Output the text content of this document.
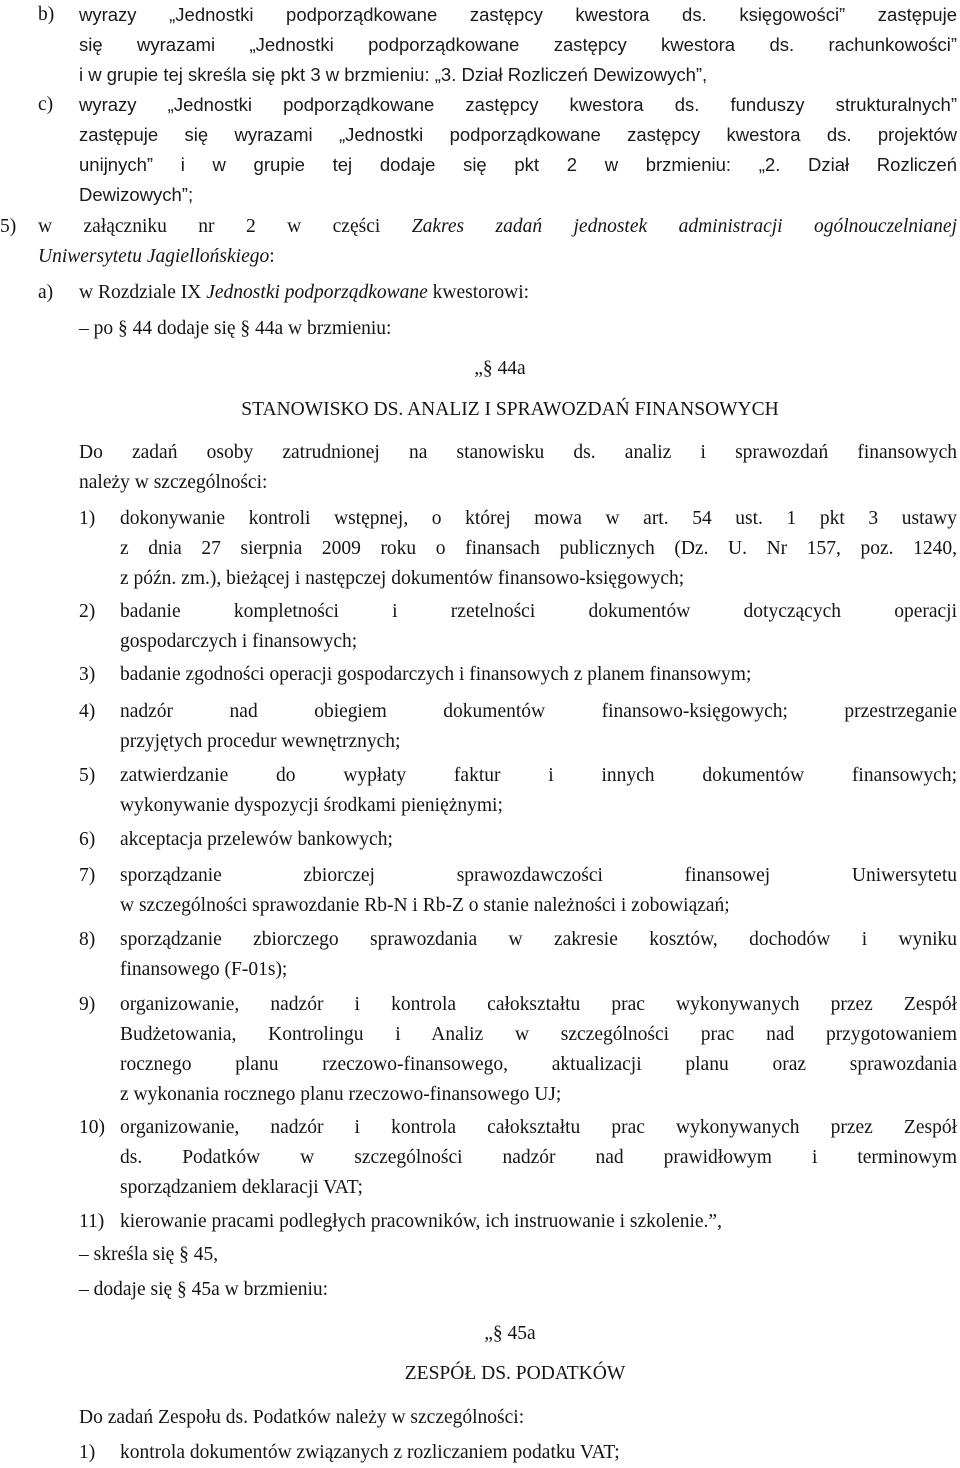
b) wyrazy „Jednostki podporządkowane zastępcy kwestora ds. księgowości” zastępuje
się wyrazami „Jednostki podporządkowane zastępcy kwestora ds. rachunkowości”
i w grupie tej skreśla się pkt 3 w brzmieniu: „3. Dział Rozliczeń Dewizowych”,
c) wyrazy „Jednostki podporządkowane zastępcy kwestora ds. funduszy strukturalnych”
zastępuje się wyrazami „Jednostki podporządkowane zastępcy kwestora ds. projektów
unijnych” i w grupie tej dodaje się pkt 2 w brzmieniu: „2. Dział Rozliczeń
Dewizowych”;
5) w załączniku nr 2 w części Zakres zadań jednostek administracji ogólnouczelnianej
Uniwersytetu Jagiellońskiego:
a) w Rozdziale IX Jednostki podporządkowane kwestorowi:
– po § 44 dodaje się § 44a w brzmieniu:
„§ 44a
STANOWISKO DS. ANALIZ I SPRAWOZDAŃ FINANSOWYCH
Do zadań osoby zatrudnionej na stanowisku ds. analiz i sprawozdań finansowych
należy w szczególności:
1) dokonywanie kontroli wstępnej, o której mowa w art. 54 ust. 1 pkt 3 ustawy
z dnia 27 sierpnia 2009 roku o finansach publicznych (Dz. U. Nr 157, poz. 1240,
z późn. zm.), bieżącej i następczej dokumentów finansowo-księgowych;
2) badanie kompletności i rzetelności dokumentów dotyczących operacji
gospodarczych i finansowych;
3) badanie zgodności operacji gospodarczych i finansowych z planem finansowym;
4) nadzór nad obiegiem dokumentów finansowo-księgowych; przestrzeganie
przyjętych procedur wewnętrznych;
5) zatwierdzanie do wypłaty faktur i innych dokumentów finansowych;
wykonywanie dyspozycji środkami pieniężnymi;
6) akceptacja przelewów bankowych;
7) sporządzanie zbiorczej sprawozdawczości finansowej Uniwersytetu
w szczególności sprawozdanie Rb-N i Rb-Z o stanie należności i zobowiązań;
8) sporządzanie zbiorczego sprawozdania w zakresie kosztów, dochodów i wyniku
finansowego (F-01s);
9) organizowanie, nadzór i kontrola całokształtu prac wykonywanych przez Zespół
Budżetowania, Kontrolingu i Analiz w szczególności prac nad przygotowaniem
rocznego planu rzeczowo-finansowego, aktualizacji planu oraz sprawozdania
z wykonania rocznego planu rzeczowo-finansowego UJ;
10) organizowanie, nadzór i kontrola całokształtu prac wykonywanych przez Zespół
ds. Podatków w szczególności nadzór nad prawidłowym i terminowym
sporządzaniem deklaracji VAT;
11) kierowanie pracami podległych pracowników, ich instruowanie i szkolenie.”,
– skreśla się § 45,
– dodaje się § 45a w brzmieniu:
„§ 45a
ZESPÓŁ DS. PODATKÓW
Do zadań Zespołu ds. Podatków należy w szczególności:
1) kontrola dokumentów związanych z rozliczaniem podatku VAT;
